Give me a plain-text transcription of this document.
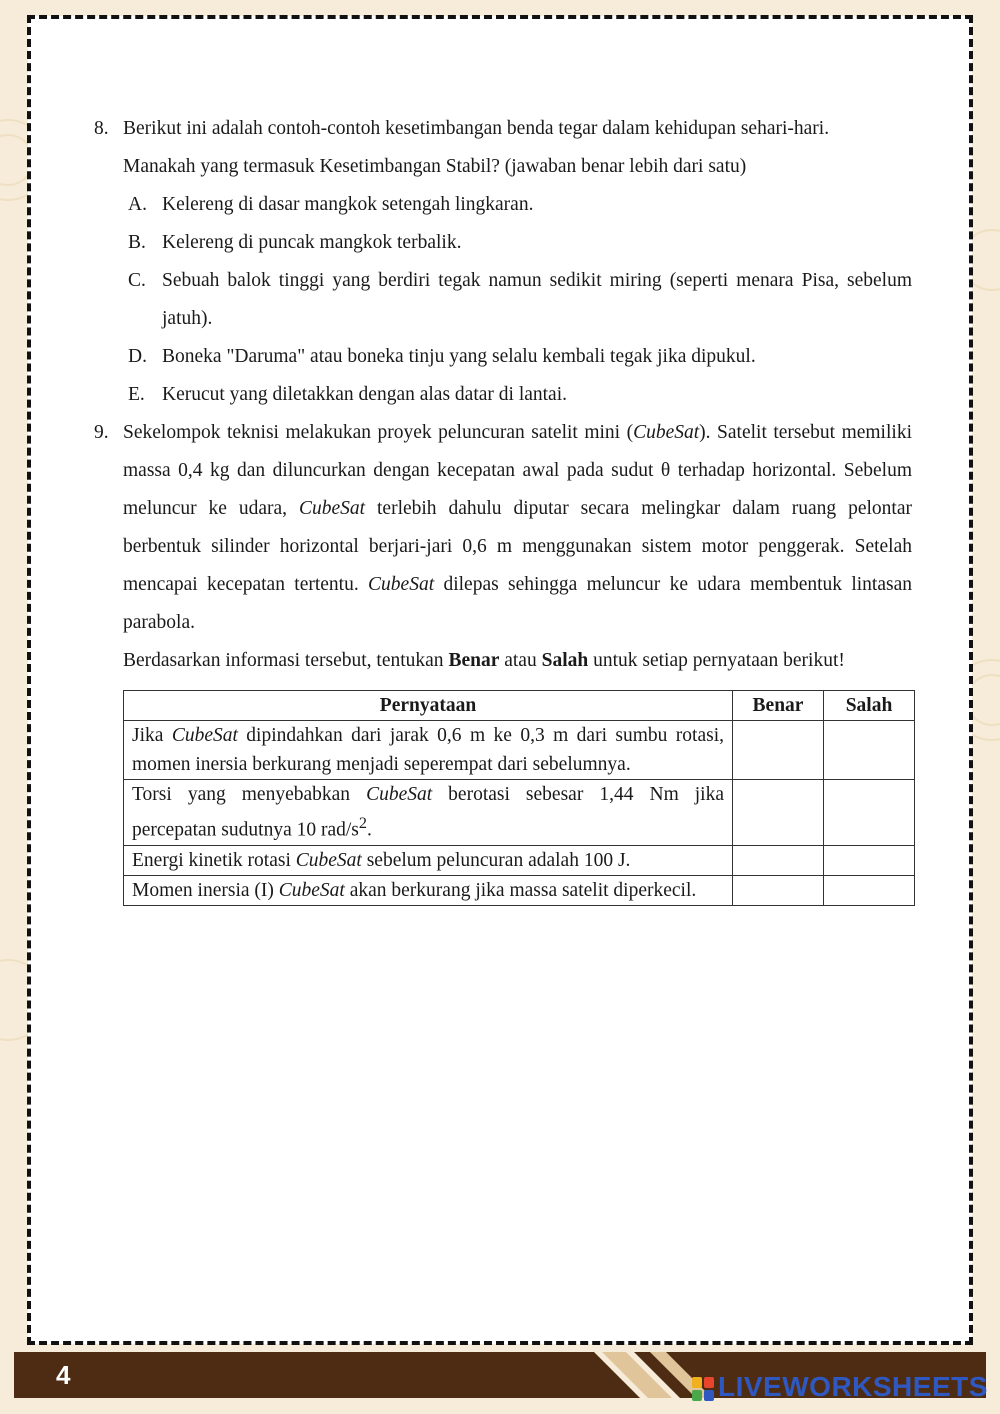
8. Berikut ini adalah contoh-contoh kesetimbangan benda tegar dalam kehidupan sehari-hari.
Manakah yang termasuk Kesetimbangan Stabil? (jawaban benar lebih dari satu)

A. Kelereng di dasar mangkok setengah lingkaran.
B. Kelereng di puncak mangkok terbalik.
C. Sebuah balok tinggi yang berdiri tegak namun sedikit miring (seperti menara Pisa, sebelum jatuh).
D. Boneka "Daruma" atau boneka tinju yang selalu kembali tegak jika dipukul.
E. Kerucut yang diletakkan dengan alas datar di lantai.
9. Sekelompok teknisi melakukan proyek peluncuran satelit mini (CubeSat). Satelit tersebut memiliki massa 0,4 kg dan diluncurkan dengan kecepatan awal pada sudut θ terhadap horizontal. Sebelum meluncur ke udara, CubeSat terlebih dahulu diputar secara melingkar dalam ruang pelontar berbentuk silinder horizontal berjari-jari 0,6 m menggunakan sistem motor penggerak. Setelah mencapai kecepatan tertentu. CubeSat dilepas sehingga meluncur ke udara membentuk lintasan parabola.

Berdasarkan informasi tersebut, tentukan Benar atau Salah untuk setiap pernyataan berikut!

Pernyataan	Benar	Salah
Jika CubeSat dipindahkan dari jarak 0,6 m ke 0,3 m dari sumbu rotasi, momen inersia berkurang menjadi seperempat dari sebelumnya.		
Torsi yang menyebabkan CubeSat berotasi sebesar 1,44 Nm jika percepatan sudutnya 10 rad/$s^2$.		
Energi kinetik rotasi CubeSat sebelum peluncuran adalah 100 J.		
Momen inersia (I) CubeSat akan berkurang jika massa satelit diperkecil.		
4	LIVEWORKSHEETS
